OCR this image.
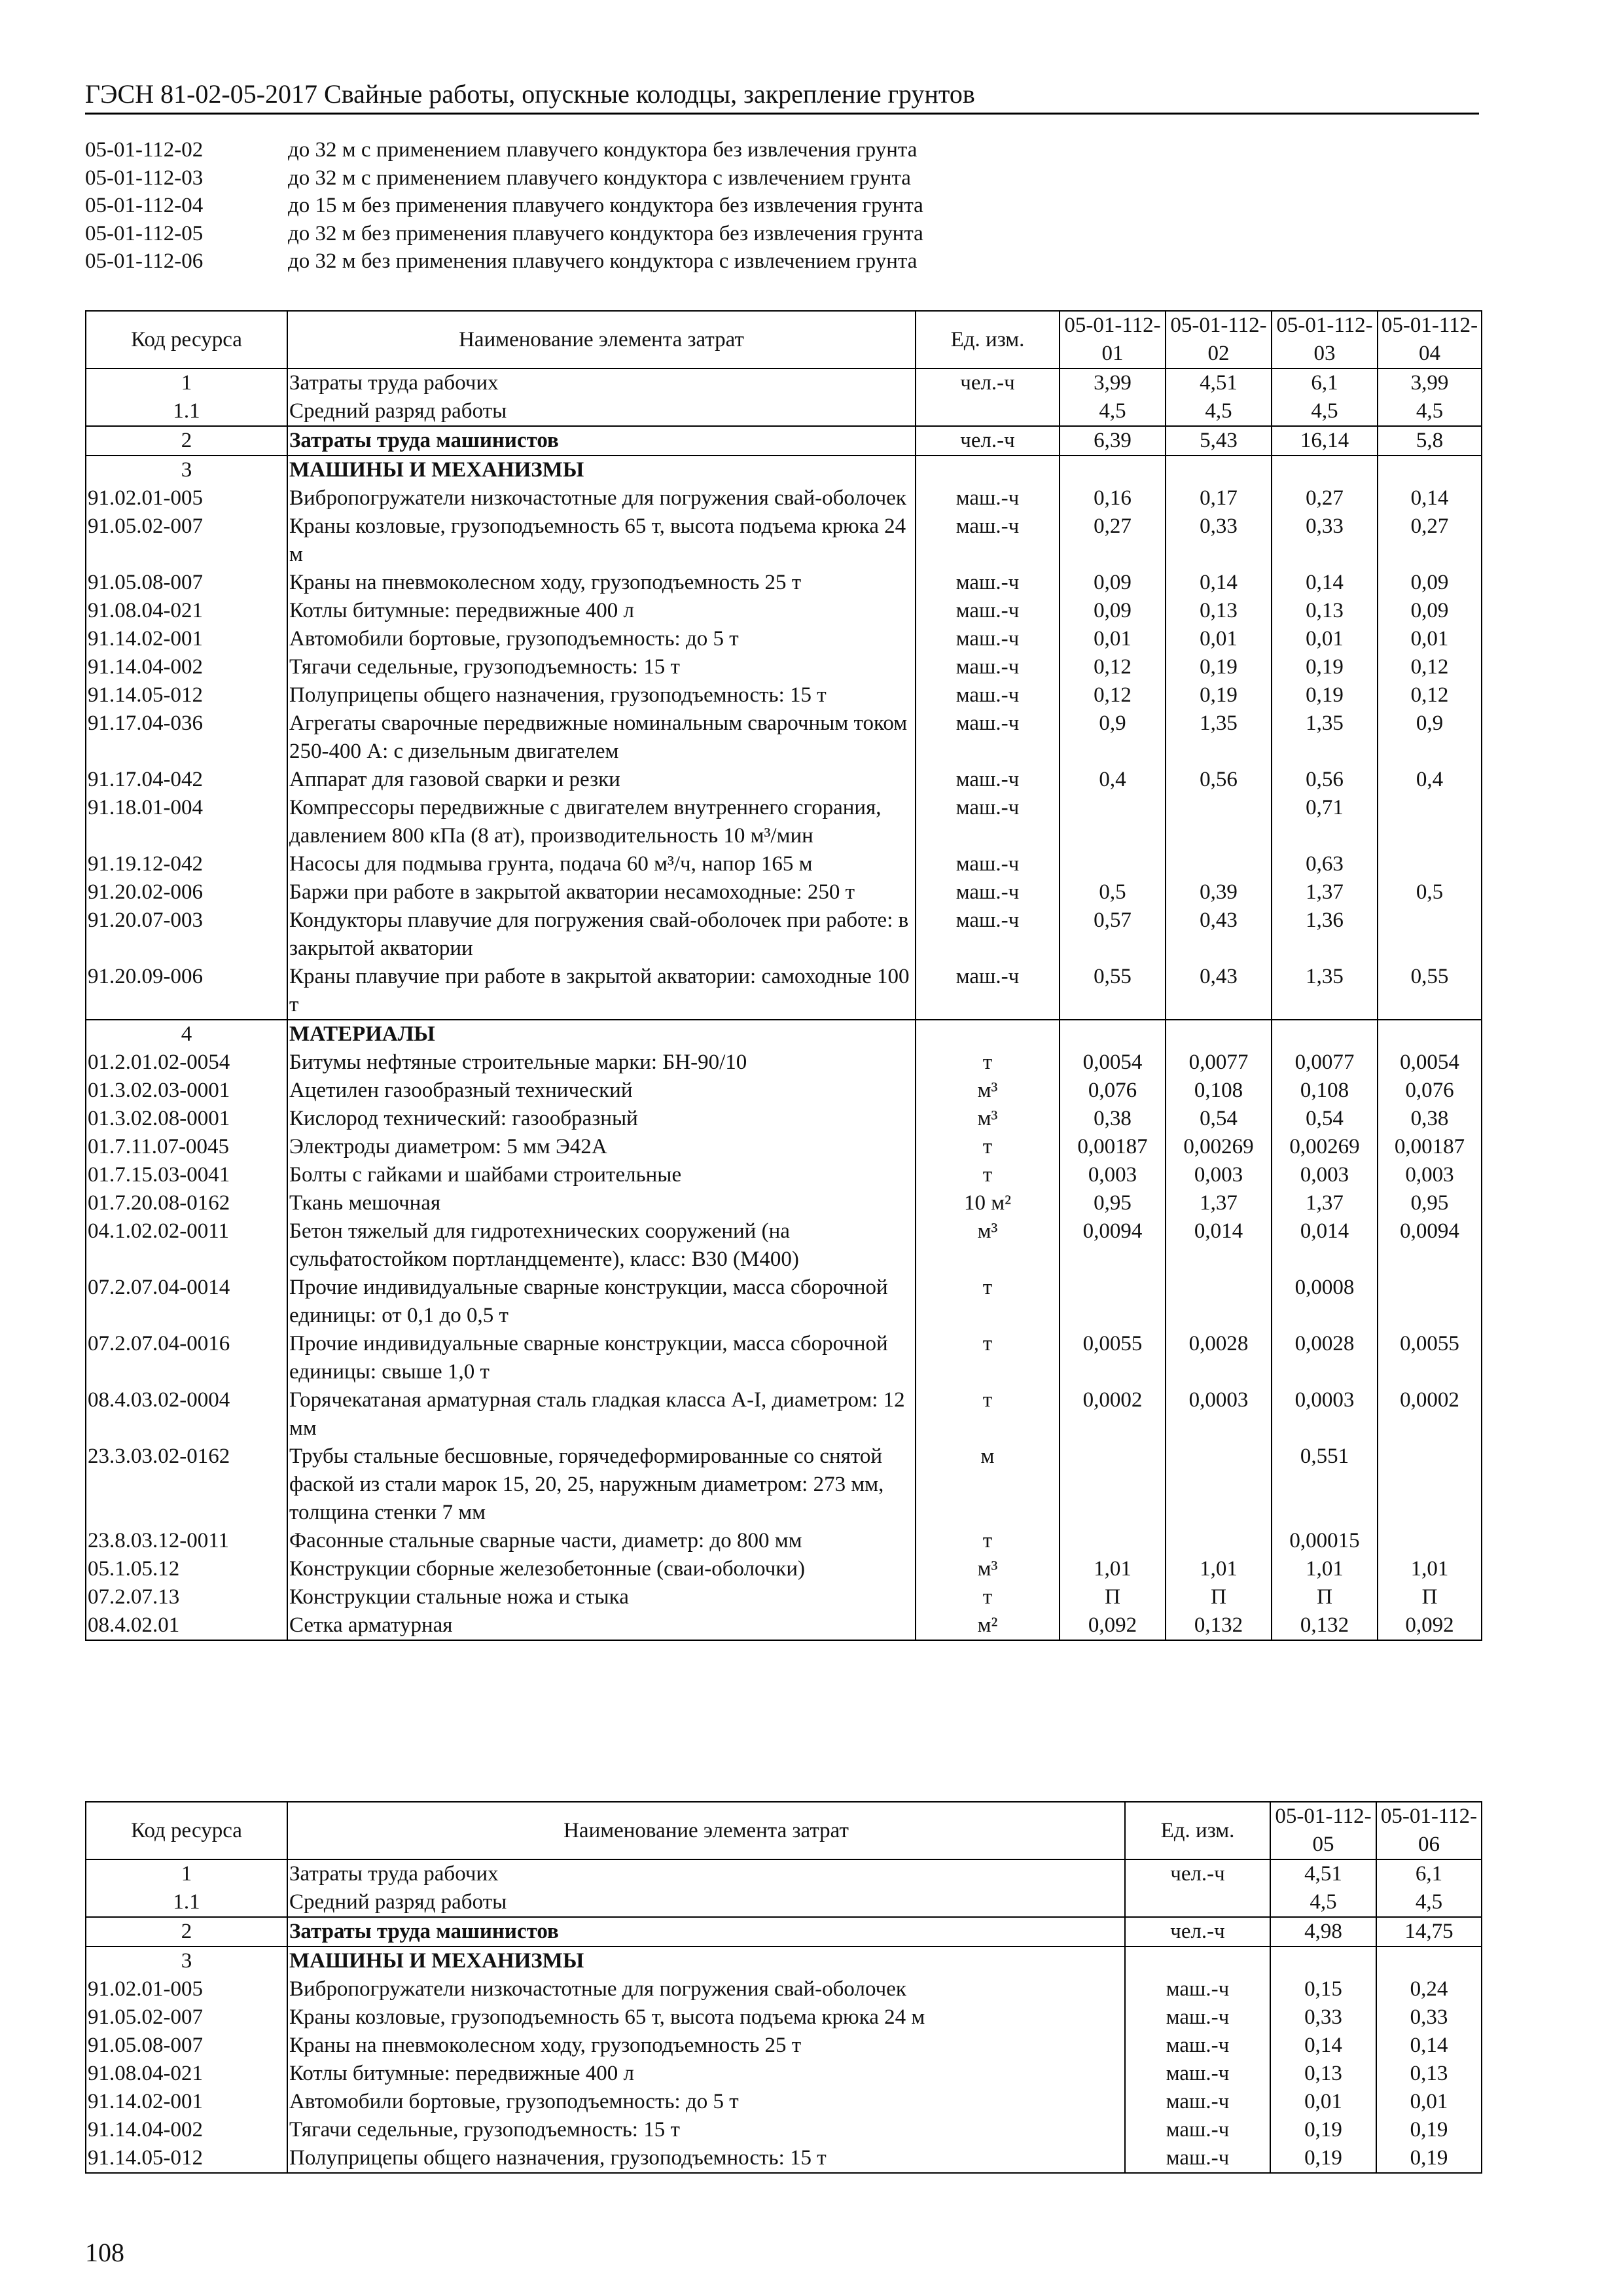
ГЭСН 81-02-05-2017 Свайные работы, опускные колодцы, закрепление грунтов
05-01-112-02	до 32 м с применением плавучего кондуктора без извлечения грунта
05-01-112-03	до 32 м с применением плавучего кондуктора с извлечением грунта
05-01-112-04	до 15 м без применения плавучего кондуктора без извлечения грунта
05-01-112-05	до 32 м без применения плавучего кондуктора без извлечения грунта
05-01-112-06	до 32 м без применения плавучего кондуктора с извлечением грунта
Код ресурса	Наименование элемента затрат	Ед. изм.	05-01-112-01	05-01-112-02	05-01-112-03	05-01-112-04
1	Затраты труда рабочих	чел.-ч	3,99	4,51	6,1	3,99
1.1	Средний разряд работы		4,5	4,5	4,5	4,5
2	Затраты труда машинистов	чел.-ч	6,39	5,43	16,14	5,8
3	МАШИНЫ И МЕХАНИЗМЫ					
91.02.01-005	Вибропогружатели низкочастотные для погружения свай-оболочек	маш.-ч	0,16	0,17	0,27	0,14
91.05.02-007	Краны козловые, грузоподъемность 65 т, высота подъема крюка 24 м	маш.-ч	0,27	0,33	0,33	0,27
91.05.08-007	Краны на пневмоколесном ходу, грузоподъемность 25 т	маш.-ч	0,09	0,14	0,14	0,09
91.08.04-021	Котлы битумные: передвижные 400 л	маш.-ч	0,09	0,13	0,13	0,09
91.14.02-001	Автомобили бортовые, грузоподъемность: до 5 т	маш.-ч	0,01	0,01	0,01	0,01
91.14.04-002	Тягачи седельные, грузоподъемность: 15 т	маш.-ч	0,12	0,19	0,19	0,12
91.14.05-012	Полуприцепы общего назначения, грузоподъемность: 15 т	маш.-ч	0,12	0,19	0,19	0,12
91.17.04-036	Агрегаты сварочные передвижные номинальным сварочным током 250-400 А: с дизельным двигателем	маш.-ч	0,9	1,35	1,35	0,9
91.17.04-042	Аппарат для газовой сварки и резки	маш.-ч	0,4	0,56	0,56	0,4
91.18.01-004	Компрессоры передвижные с двигателем внутреннего сгорания, давлением 800 кПа (8 ат), производительность 10 м³/мин	маш.-ч			0,71	
91.19.12-042	Насосы для подмыва грунта, подача 60 м³/ч, напор 165 м	маш.-ч			0,63	
91.20.02-006	Баржи при работе в закрытой акватории несамоходные: 250 т	маш.-ч	0,5	0,39	1,37	0,5
91.20.07-003	Кондукторы плавучие для погружения свай-оболочек при работе: в закрытой акватории	маш.-ч	0,57	0,43	1,36	
91.20.09-006	Краны плавучие при работе в закрытой акватории: самоходные 100 т	маш.-ч	0,55	0,43	1,35	0,55
4	МАТЕРИАЛЫ					
01.2.01.02-0054	Битумы нефтяные строительные марки: БН-90/10	т	0,0054	0,0077	0,0077	0,0054
01.3.02.03-0001	Ацетилен газообразный технический	м³	0,076	0,108	0,108	0,076
01.3.02.08-0001	Кислород технический: газообразный	м³	0,38	0,54	0,54	0,38
01.7.11.07-0045	Электроды диаметром: 5 мм Э42А	т	0,00187	0,00269	0,00269	0,00187
01.7.15.03-0041	Болты с гайками и шайбами строительные	т	0,003	0,003	0,003	0,003
01.7.20.08-0162	Ткань мешочная	10 м²	0,95	1,37	1,37	0,95
04.1.02.02-0011	Бетон тяжелый для гидротехнических сооружений (на сульфатостойком портландцементе), класс: В30 (М400)	м³	0,0094	0,014	0,014	0,0094
07.2.07.04-0014	Прочие индивидуальные сварные конструкции, масса сборочной единицы: от 0,1 до 0,5 т	т			0,0008	
07.2.07.04-0016	Прочие индивидуальные сварные конструкции, масса сборочной единицы: свыше 1,0 т	т	0,0055	0,0028	0,0028	0,0055
08.4.03.02-0004	Горячекатаная арматурная сталь гладкая класса А-I, диаметром: 12 мм	т	0,0002	0,0003	0,0003	0,0002
23.3.03.02-0162	Трубы стальные бесшовные, горячедеформированные со снятой фаской из стали марок 15, 20, 25, наружным диаметром: 273 мм, толщина стенки 7 мм	м			0,551	
23.8.03.12-0011	Фасонные стальные сварные части, диаметр: до 800 мм	т			0,00015	
05.1.05.12	Конструкции сборные железобетонные (сваи-оболочки)	м³	1,01	1,01	1,01	1,01
07.2.07.13	Конструкции стальные ножа и стыка	т	П	П	П	П
08.4.02.01	Сетка арматурная	м²	0,092	0,132	0,132	0,092
Код ресурса	Наименование элемента затрат	Ед. изм.	05-01-112-05	05-01-112-06
1	Затраты труда рабочих	чел.-ч	4,51	6,1
1.1	Средний разряд работы		4,5	4,5
2	Затраты труда машинистов	чел.-ч	4,98	14,75
3	МАШИНЫ И МЕХАНИЗМЫ			
91.02.01-005	Вибропогружатели низкочастотные для погружения свай-оболочек	маш.-ч	0,15	0,24
91.05.02-007	Краны козловые, грузоподъемность 65 т, высота подъема крюка 24 м	маш.-ч	0,33	0,33
91.05.08-007	Краны на пневмоколесном ходу, грузоподъемность 25 т	маш.-ч	0,14	0,14
91.08.04-021	Котлы битумные: передвижные 400 л	маш.-ч	0,13	0,13
91.14.02-001	Автомобили бортовые, грузоподъемность: до 5 т	маш.-ч	0,01	0,01
91.14.04-002	Тягачи седельные, грузоподъемность: 15 т	маш.-ч	0,19	0,19
91.14.05-012	Полуприцепы общего назначения, грузоподъемность: 15 т	маш.-ч	0,19	0,19
108
